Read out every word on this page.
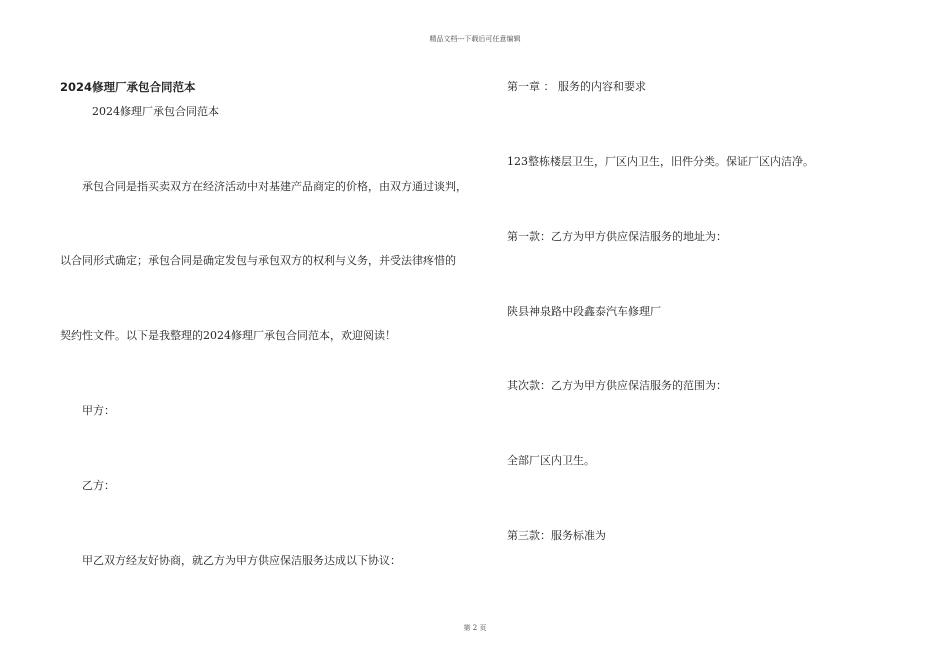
精品文档---下载后可任意编辑
2024修理厂承包合同范本
2024修理厂承包合同范本
承包合同是指买卖双方在经济活动中对基建产品商定的价格，由双方通过谈判，
以合同形式确定；承包合同是确定发包与承包双方的权利与义务，并受法律疼惜的
契约性文件。以下是我整理的2024修理厂承包合同范本，欢迎阅读！
甲方：
乙方：
甲乙双方经友好协商，就乙方为甲方供应保洁服务达成以下协议：
第一章 ： 服务的内容和要求
123整栋楼层卫生，厂区内卫生，旧件分类。保证厂区内洁净。
第一款：乙方为甲方供应保洁服务的地址为：
陕县神泉路中段鑫泰汽车修理厂
其次款：乙方为甲方供应保洁服务的范围为：
全部厂区内卫生。
第三款：服务标准为
第 2 页
